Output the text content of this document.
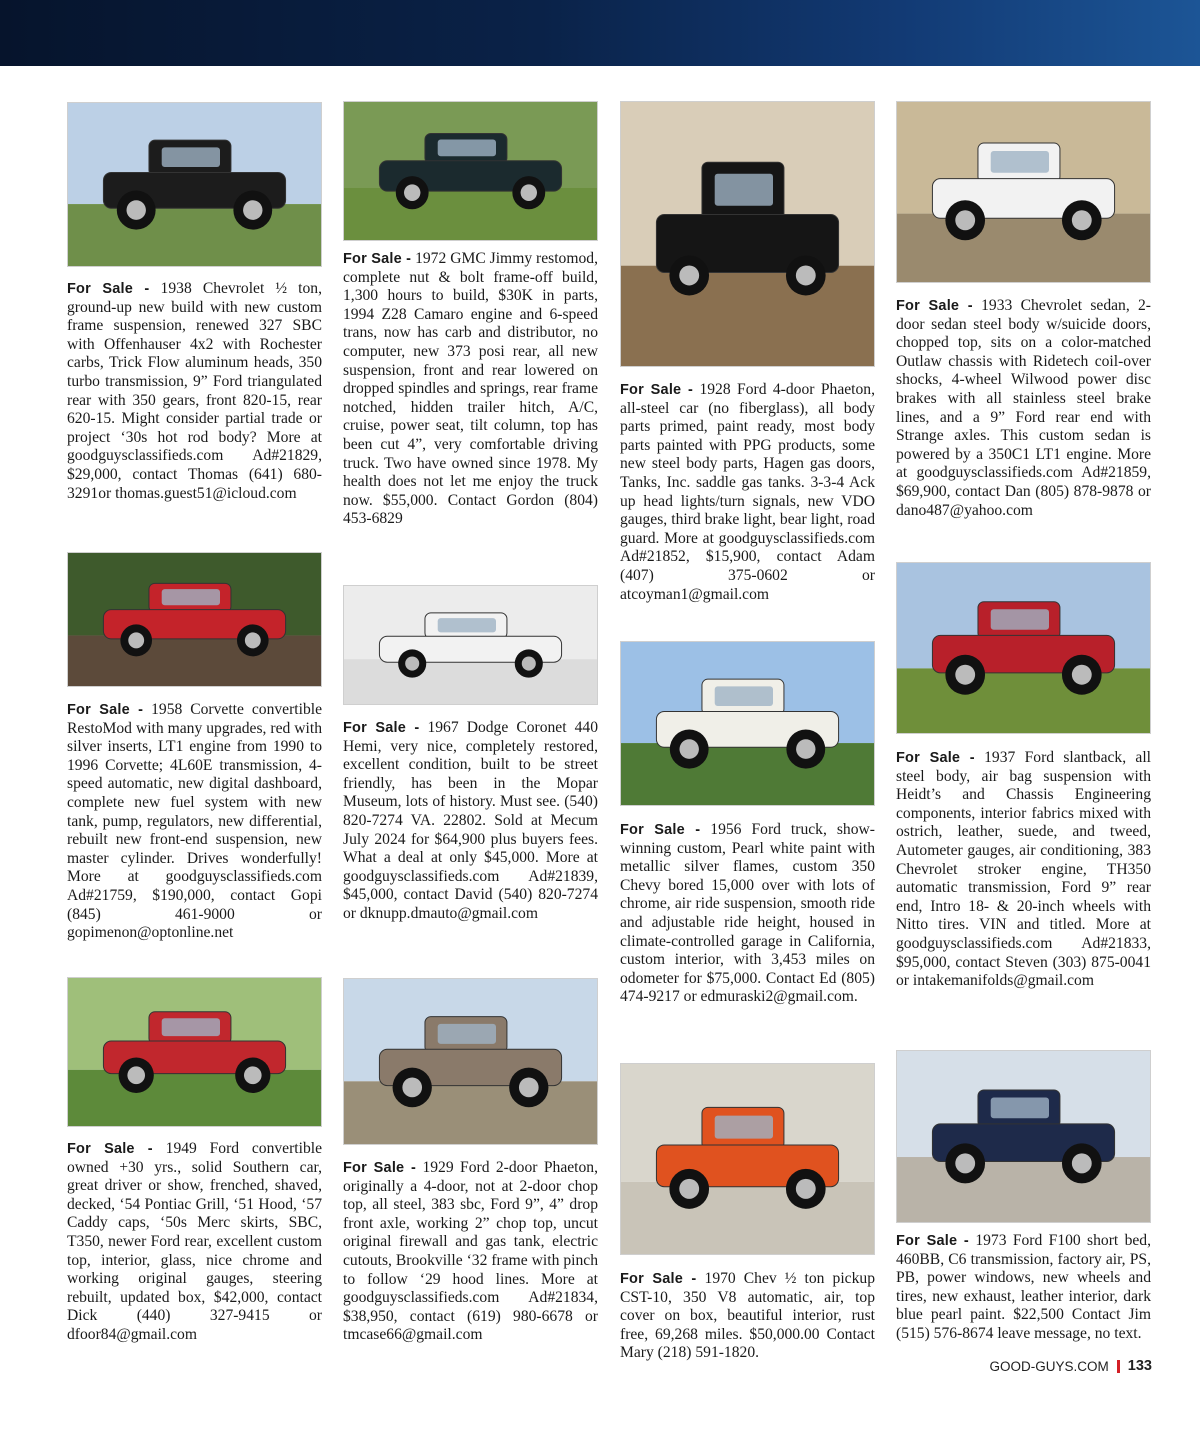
For Sale - 1938 Chevrolet ½ ton, ground-up new build with new custom frame suspension, renewed 327 SBC with Offenhauser 4x2 with Rochester carbs, Trick Flow aluminum heads, 350 turbo transmission, 9” Ford triangulated rear with 350 gears, front 820-15, rear 620-15. Might consider partial trade or project ‘30s hot rod body? More at goodguysclassifieds.com Ad#21829, $29,000, contact Thomas (641) 680-3291or thomas.guest51@icloud.com
For Sale - 1958 Corvette convertible RestoMod with many upgrades, red with silver inserts, LT1 engine from 1990 to 1996 Corvette; 4L60E transmission, 4-speed automatic, new digital dashboard, complete new fuel system with new tank, pump, regulators, new differential, rebuilt new front-end suspension, new master cylinder. Drives wonderfully! More at goodguysclassifieds.com Ad#21759, $190,000, contact Gopi (845) 461-9000 or gopimenon@optonline.net
For Sale - 1949 Ford convertible owned +30 yrs., solid Southern car, great driver or show, frenched, shaved, decked, ‘54 Pontiac Grill, ‘51 Hood, ‘57 Caddy caps, ‘50s Merc skirts, SBC, T350, newer Ford rear, excellent custom top, interior, glass, nice chrome and working original gauges, steering rebuilt, updated box, $42,000, contact Dick (440) 327-9415 or dfoor84@gmail.com
For Sale - 1972 GMC Jimmy restomod, complete nut & bolt frame-off build, 1,300 hours to build, $30K in parts, 1994 Z28 Camaro engine and 6-speed trans, now has carb and distributor, no computer, new 373 posi rear, all new suspension, front and rear lowered on dropped spindles and springs, rear frame notched, hidden trailer hitch, A/C, cruise, power seat, tilt column, top has been cut 4”, very comfortable driving truck. Two have owned since 1978. My health does not let me enjoy the truck now. $55,000. Contact Gordon (804) 453-6829
For Sale - 1967 Dodge Coronet 440 Hemi, very nice, completely restored, excellent condition, built to be street friendly, has been in the Mopar Museum, lots of history. Must see. (540) 820-7274 VA. 22802. Sold at Mecum July 2024 for $64,900 plus buyers fees. What a deal at only $45,000. More at goodguysclassifieds.com Ad#21839, $45,000, contact David (540) 820-7274 or dknupp.dmauto@gmail.com
For Sale - 1929 Ford 2-door Phaeton, originally a 4-door, not at 2-door chop top, all steel, 383 sbc, Ford 9”, 4” drop front axle, working 2” chop top, uncut original firewall and gas tank, electric cutouts, Brookville ‘32 frame with pinch to follow ‘29 hood lines. More at goodguysclassifieds.com Ad#21834, $38,950, contact (619) 980-6678 or tmcase66@gmail.com
For Sale - 1928 Ford 4-door Phaeton, all-steel car (no fiberglass), all body parts primed, paint ready, most body parts painted with PPG products, some new steel body parts, Hagen gas doors, Tanks, Inc. saddle gas tanks. 3-3-4 Ack up head lights/turn signals, new VDO gauges, third brake light, bear light, road guard. More at goodguysclassifieds.com Ad#21852, $15,900, contact Adam (407) 375-0602 or atcoyman1@gmail.com
For Sale - 1956 Ford truck, show-winning custom, Pearl white paint with metallic silver flames, custom 350 Chevy bored 15,000 over with lots of chrome, air ride suspension, smooth ride and adjustable ride height, housed in climate-controlled garage in California, custom interior, with 3,453 miles on odometer for $75,000. Contact Ed (805) 474-9217 or edmuraski2@gmail.com.
For Sale - 1970 Chev ½ ton pickup CST-10, 350 V8 automatic, air, top cover on box, beautiful interior, rust free, 69,268 miles. $50,000.00 Contact Mary (218) 591-1820.
For Sale - 1933 Chevrolet sedan, 2-door sedan steel body w/suicide doors, chopped top, sits on a color-matched Outlaw chassis with Ridetech coil-over shocks, 4-wheel Wilwood power disc brakes with all stainless steel brake lines, and a 9” Ford rear end with Strange axles. This custom sedan is powered by a 350C1 LT1 engine. More at goodguysclassifieds.com Ad#21859, $69,900, contact Dan (805) 878-9878 or dano487@yahoo.com
For Sale - 1937 Ford slantback, all steel body, air bag suspension with Heidt’s and Chassis Engineering components, interior fabrics mixed with ostrich, leather, suede, and tweed, Autometer gauges, air conditioning, 383 Chevrolet stroker engine, TH350 automatic transmission, Ford 9” rear end, Intro 18- & 20-inch wheels with Nitto tires. VIN and titled. More at goodguysclassifieds.com Ad#21833, $95,000, contact Steven (303) 875-0041 or intakemanifolds@gmail.com
For Sale - 1973 Ford F100 short bed, 460BB, C6 transmission, factory air, PS, PB, power windows, new wheels and tires, new exhaust, leather interior, dark blue pearl paint. $22,500 Contact Jim (515) 576-8674 leave message, no text.
GOOD-GUYS.COM 133
